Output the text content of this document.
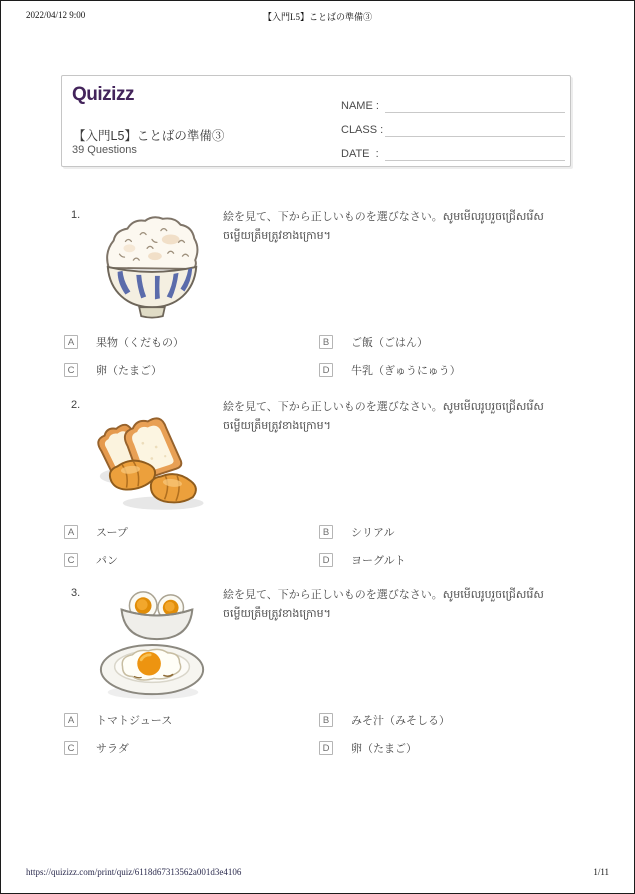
2022/04/12 9:00	【入門L5】ことばの準備③
Quizizz
【入門L5】ことばの準備③
39 Questions
NAME :
CLASS :
DATE  :
1.	絵を見て、下から正しいものを選びなさい。សូមមើលរូបរួចជ្រើសរើសចម្លើយត្រឹមត្រូវខាងក្រោម។
A	果物（くだもの）	B	ご飯（ごはん）
C	卵（たまご）	D	牛乳（ぎゅうにゅう）
2.	絵を見て、下から正しいものを選びなさい。សូមមើលរូបរួចជ្រើសរើសចម្លើយត្រឹមត្រូវខាងក្រោម។
A	スープ	B	シリアル
C	パン	D	ヨーグルト
3.	絵を見て、下から正しいものを選びなさい。សូមមើលរូបរួចជ្រើសរើសចម្លើយត្រឹមត្រូវខាងក្រោម។
A	トマトジュース	B	みそ汁（みそしる）
C	サラダ	D	卵（たまご）
https://quizizz.com/print/quiz/6118d67313562a001d3e4106	1/11
